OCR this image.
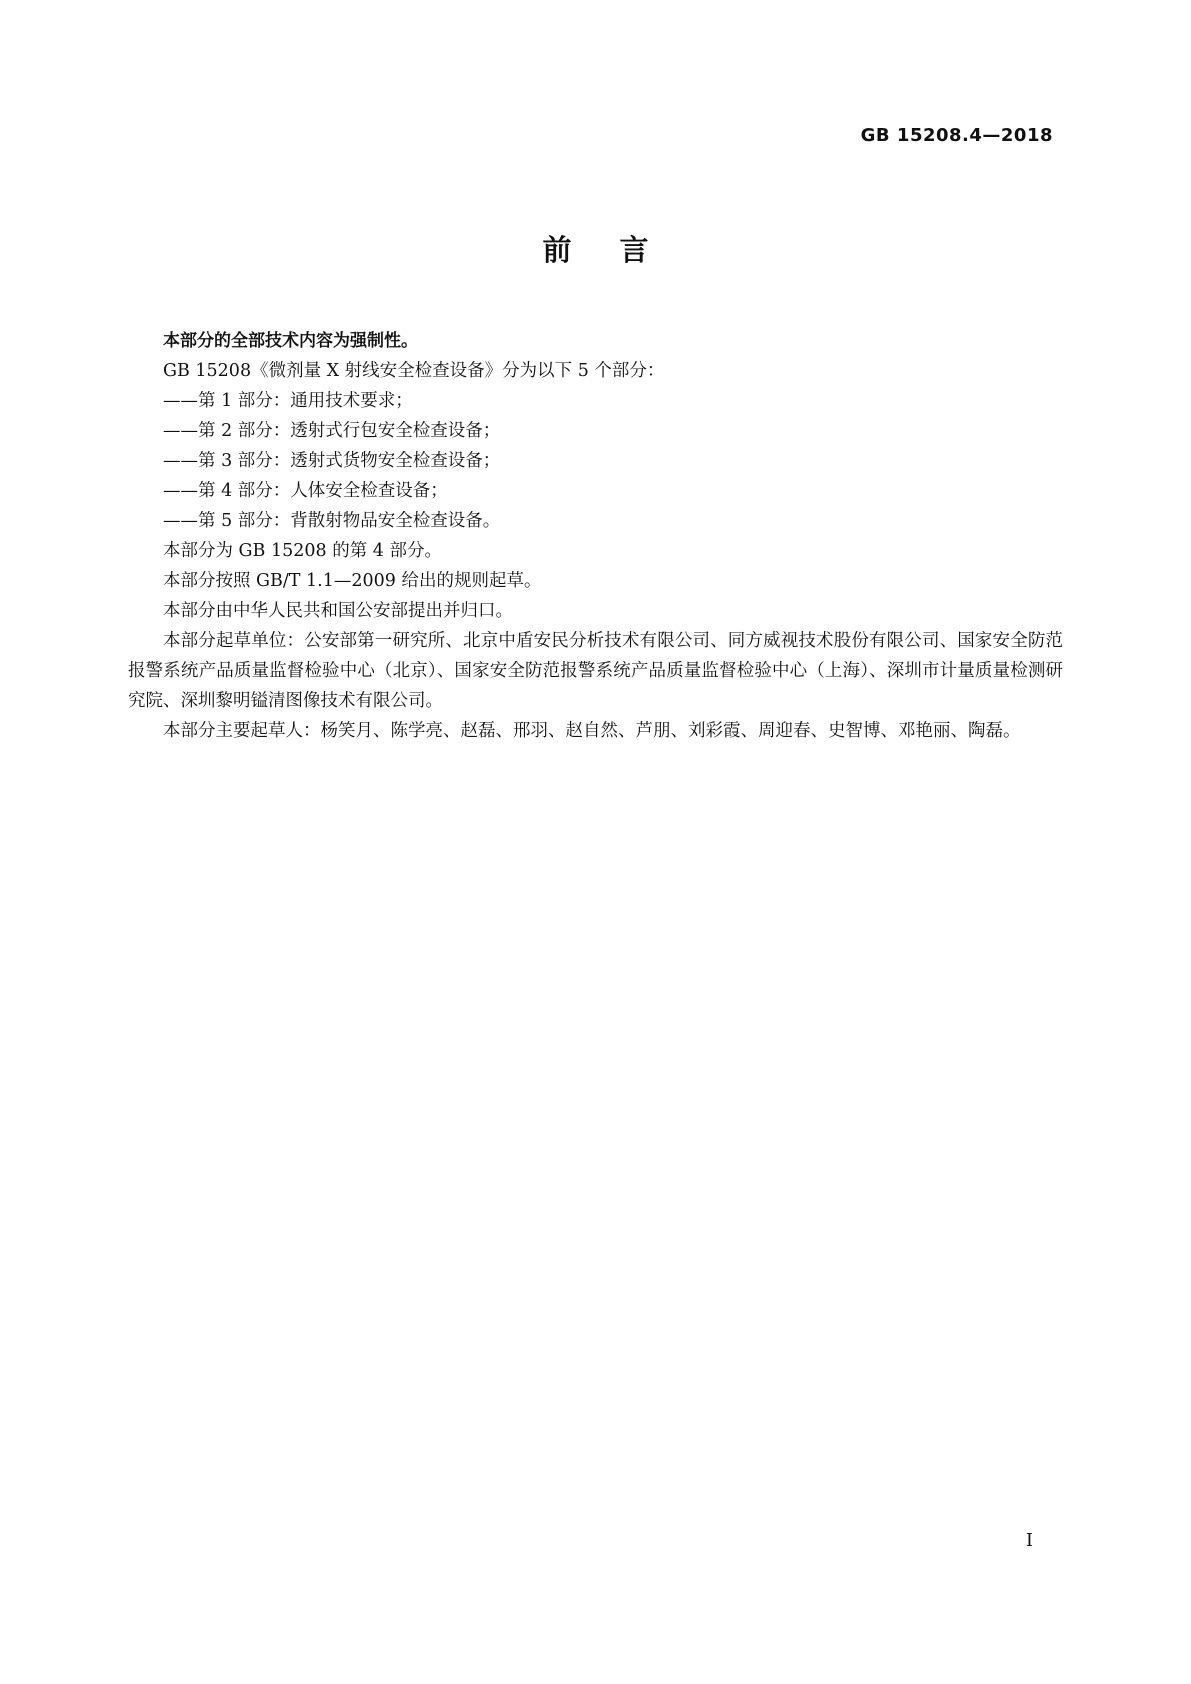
GB 15208.4—2018
前言

本部分的全部技术内容为强制性。

GB 15208《微剂量 X 射线安全检查设备》分为以下 5 个部分：

——第 1 部分：通用技术要求；

——第 2 部分：透射式行包安全检查设备；

——第 3 部分：透射式货物安全检查设备；

——第 4 部分：人体安全检查设备；

——第 5 部分：背散射物品安全检查设备。

本部分为 GB 15208 的第 4 部分。

本部分按照 GB/T 1.1—2009 给出的规则起草。

本部分由中华人民共和国公安部提出并归口。

本部分起草单位：公安部第一研究所、北京中盾安民分析技术有限公司、同方威视技术股份有限公司、国家安全防范报警系统产品质量监督检验中心（北京）、国家安全防范报警系统产品质量监督检验中心（上海）、深圳市计量质量检测研究院、深圳黎明镒清图像技术有限公司。

本部分主要起草人：杨笑月、陈学亮、赵磊、邢羽、赵自然、芦朋、刘彩霞、周迎春、史智博、邓艳丽、陶磊。

I
